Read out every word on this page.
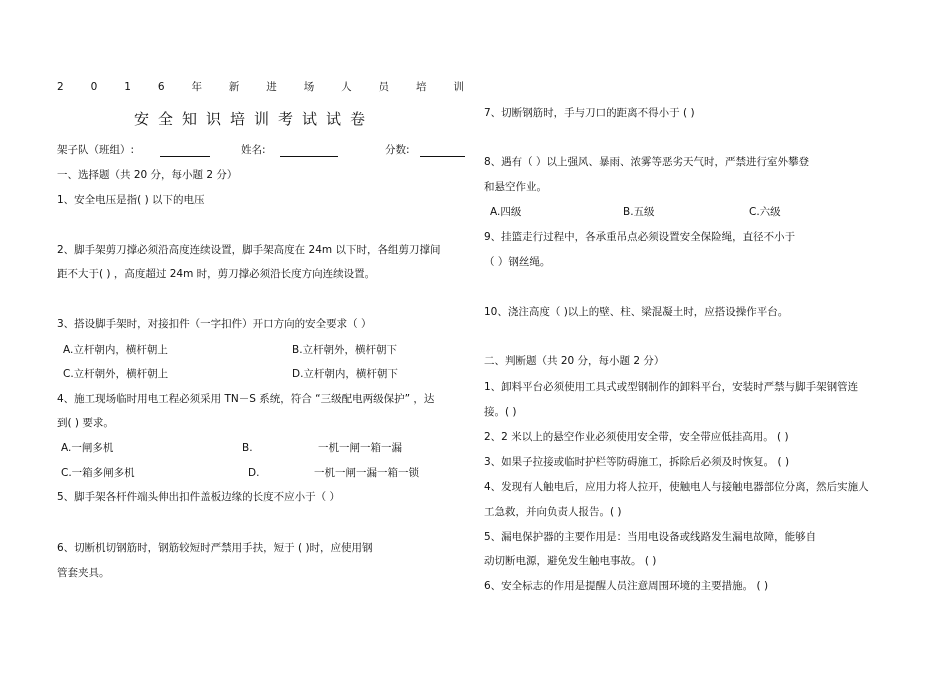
2	0	1	6	年	新	进	场	人	员	培	训
安全知识培训考试试卷
架子队（班组）:	姓名:	分数:
一、选择题（共 20 分，每小题 2 分）
1、安全电压是指( ) 以下的电压
2、脚手架剪刀撑必须沿高度连续设置，脚手架高度在 24m 以下时，各组剪刀撑间
距不大于( ) ，高度超过 24m 时，剪刀撑必须沿长度方向连续设置。
3、搭设脚手架时，对接扣件（一字扣件）开口方向的安全要求（ ）
A.立杆朝内，横杆朝上	B.立杆朝外，横杆朝下
C.立杆朝外，横杆朝上	D.立杆朝内，横杆朝下
4、施工现场临时用电工程必须采用 TN－S 系统，符合 “三级配电两级保护” ，达
到( ) 要求。
A.一闸多机	B.	一机一闸一箱一漏
C.一箱多闸多机	D.	一机一闸一漏一箱一锁
5、脚手架各杆件端头伸出扣件盖板边缘的长度不应小于（ ）
6、切断机切钢筋时，钢筋较短时严禁用手扶，短于 ( )时，应使用钢
管套夹具。
7、切断钢筋时，手与刀口的距离不得小于 ( )
8、遇有（ ）以上强风、暴雨、浓雾等恶劣天气时，严禁进行室外攀登
和悬空作业。
A.四级	B.五级	C.六级
9、挂篮走行过程中，各承重吊点必须设置安全保险绳，直径不小于
（ ）钢丝绳。
10、浇注高度（ )以上的壁、柱、梁混凝土时，应搭设操作平台。
二、判断题（共 20 分，每小题 2 分）
1、卸料平台必须使用工具式或型钢制作的卸料平台，安装时严禁与脚手架钢管连
接。( )
2、2 米以上的悬空作业必须使用安全带，安全带应低挂高用。 ( )
3、如果子拉接或临时护栏等防碍施工，拆除后必须及时恢复。 ( )
4、发现有人触电后，应用力将人拉开，使触电人与接触电器部位分离，然后实施人
工急救，并向负责人报告。( )
5、漏电保护器的主要作用是：当用电设备或线路发生漏电故障，能够自
动切断电源，避免发生触电事故。 ( )
6、安全标志的作用是提醒人员注意周围环境的主要措施。 ( )
